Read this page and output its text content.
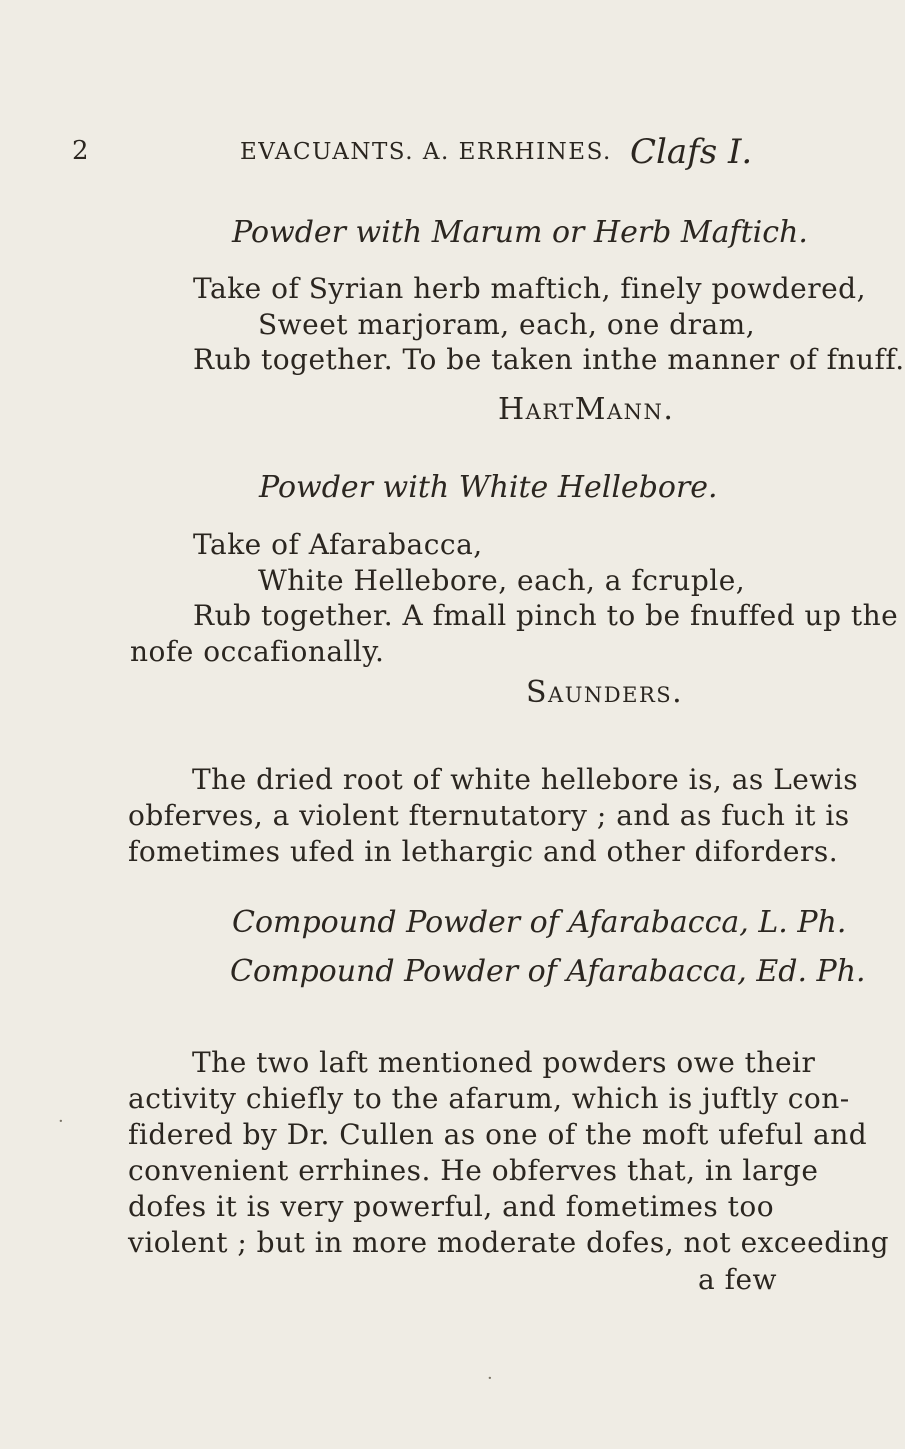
2	EVACUANTS. A. ERRHINES. Clafs I.
Powder with Marum or Herb Maftich.
Take of Syrian herb maftich, finely powdered,
Sweet marjoram, each, one dram,
Rub together. To be taken inthe manner of fnuff.
HartMann.
Powder with White Hellebore.
Take of Afarabacca,
White Hellebore, each, a fcruple,
Rub together. A fmall pinch to be fnuffed up the
nofe occafionally.
Saunders.
The dried root of white hellebore is, as Lewis
obferves, a violent fternutatory ; and as fuch it is
fometimes ufed in lethargic and other diforders.
Compound Powder of Afarabacca, L. Ph.
Compound Powder of Afarabacca, Ed. Ph.
The two laft mentioned powders owe their
activity chiefly to the afarum, which is juftly con-
fidered by Dr. Cullen as one of the moft ufeful and
convenient errhines. He obferves that, in large
dofes it is very powerful, and fometimes too
violent ; but in more moderate dofes, not exceeding
a few
·
·
